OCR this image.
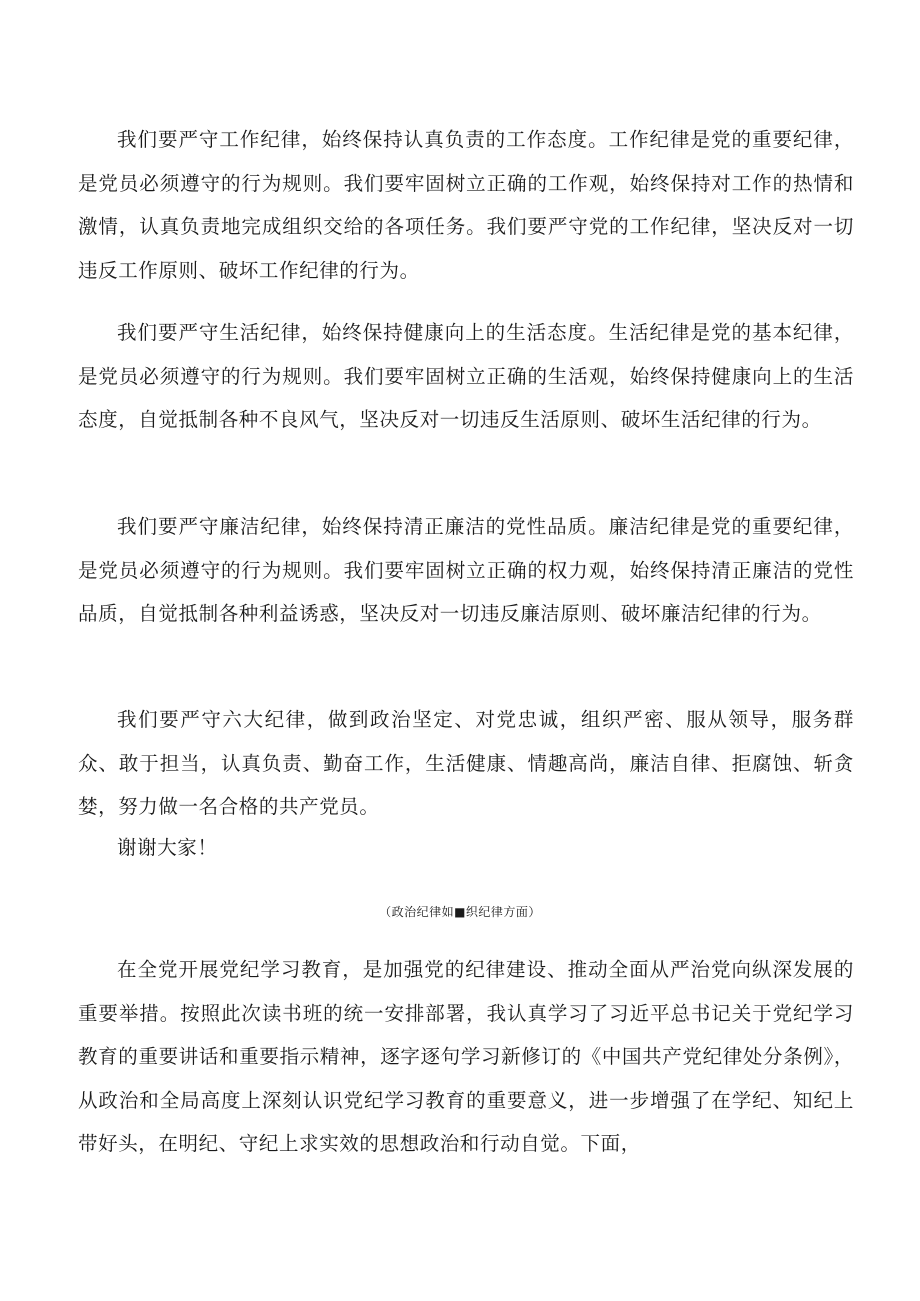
我们要严守工作纪律，始终保持认真负责的工作态度。工作纪律是党的重要纪律，是党员必须遵守的行为规则。我们要牢固树立正确的工作观，始终保持对工作的热情和激情，认真负责地完成组织交给的各项任务。我们要严守党的工作纪律，坚决反对一切违反工作原则、破坏工作纪律的行为。

我们要严守生活纪律，始终保持健康向上的生活态度。生活纪律是党的基本纪律，是党员必须遵守的行为规则。我们要牢固树立正确的生活观，始终保持健康向上的生活态度，自觉抵制各种不良风气，坚决反对一切违反生活原则、破坏生活纪律的行为。

我们要严守廉洁纪律，始终保持清正廉洁的党性品质。廉洁纪律是党的重要纪律，是党员必须遵守的行为规则。我们要牢固树立正确的权力观，始终保持清正廉洁的党性品质，自觉抵制各种利益诱惑，坚决反对一切违反廉洁原则、破坏廉洁纪律的行为。

我们要严守六大纪律，做到政治坚定、对党忠诚，组织严密、服从领导，服务群众、敢于担当，认真负责、勤奋工作，生活健康、情趣高尚，廉洁自律、拒腐蚀、斩贪婪，努力做一名合格的共产党员。

谢谢大家！

（政治纪律如■织纪律方面）

在全党开展党纪学习教育，是加强党的纪律建设、推动全面从严治党向纵深发展的重要举措。按照此次读书班的统一安排部署，我认真学习了习近平总书记关于党纪学习教育的重要讲话和重要指示精神，逐字逐句学习新修订的《中国共产党纪律处分条例》，从政治和全局高度上深刻认识党纪学习教育的重要意义，进一步增强了在学纪、知纪上带好头，在明纪、守纪上求实效的思想政治和行动自觉。下面，
